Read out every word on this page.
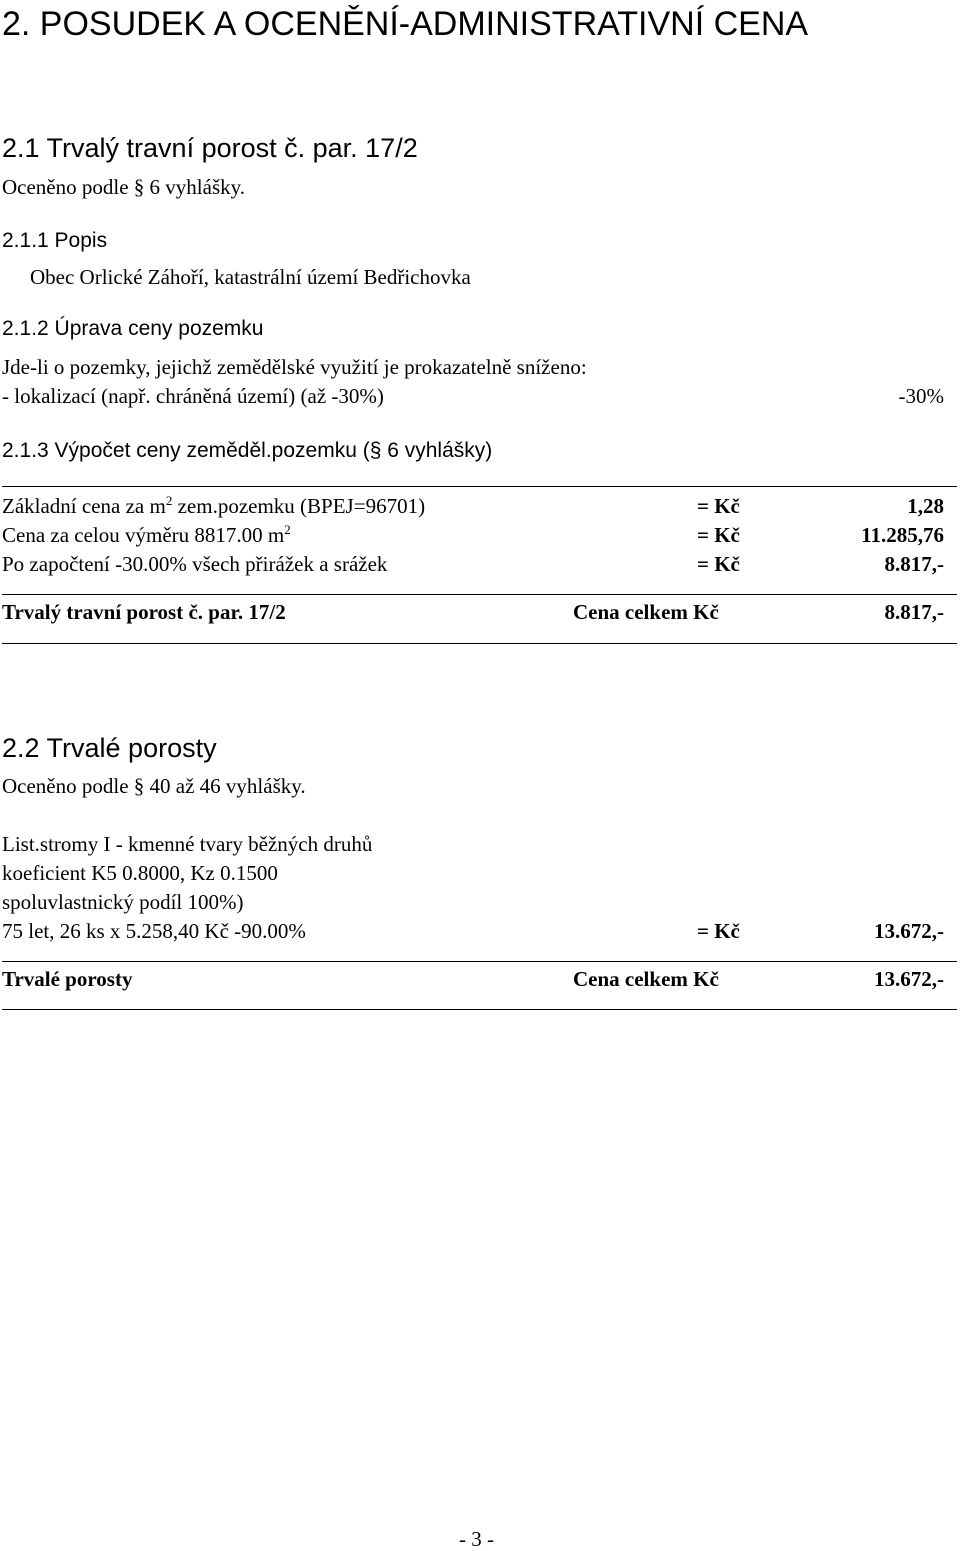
2. POSUDEK A OCENĚNÍ-ADMINISTRATIVNÍ CENA
2.1 Trvalý travní porost č. par. 17/2
Oceněno podle § 6 vyhlášky.
2.1.1 Popis
Obec Orlické Záhoří, katastrální území Bedřichovka
2.1.2 Úprava ceny pozemku
Jde-li o pozemky, jejichž zemědělské využití je prokazatelně sníženo:
- lokalizací (např. chráněná území) (až -30%)	-30%
2.1.3 Výpočet ceny zeměděl.pozemku (§ 6 vyhlášky)
Základní cena za $m^2$ zem.pozemku (BPEJ=96701)	= Kč	1,28
Cena za celou výměru 8817.00 $m^2$	= Kč	11.285,76
Po započtení -30.00% všech přirážek a srážek	= Kč	8.817,-
Trvalý travní porost č. par. 17/2	Cena celkem Kč	8.817,-
2.2 Trvalé porosty
Oceněno podle § 40 až 46 vyhlášky.
List.stromy I - kmenné tvary běžných druhů
koeficient K5 0.8000, Kz 0.1500
spoluvlastnický podíl 100%)
75 let, 26 ks x 5.258,40 Kč -90.00%	= Kč	13.672,-
Trvalé porosty	Cena celkem Kč	13.672,-
- 3 -
